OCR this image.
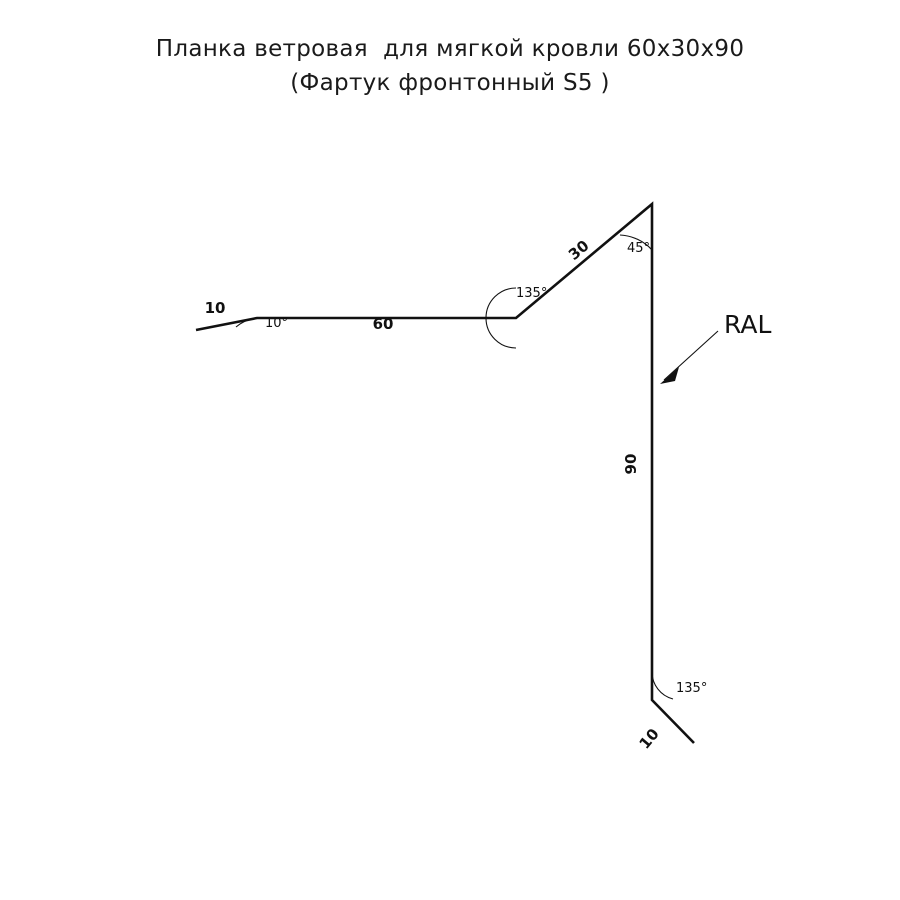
Планка ветровая  для мягкой кровли 60x30x90
(Фартук фронтонный S5 )
10
10°	60
135°
30	45°
90
135°
10
RAL
